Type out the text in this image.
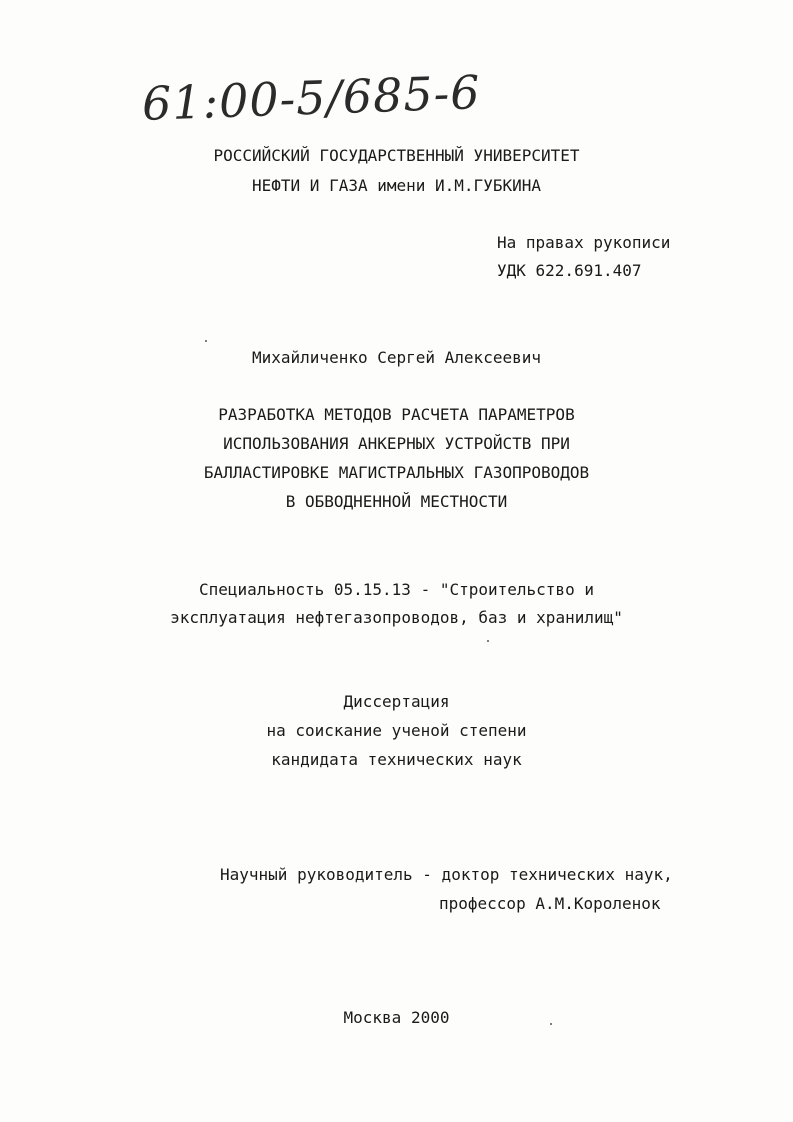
61:00-5/685-6
РОССИЙСКИЙ ГОСУДАРСТВЕННЫЙ УНИВЕРСИТЕТ
НЕФТИ И ГАЗА имени И.М.ГУБКИНА
На правах рукописи
УДК 622.691.407
Михайличенко Сергей Алексеевич
РАЗРАБОТКА МЕТОДОВ РАСЧЕТА ПАРАМЕТРОВ
ИСПОЛЬЗОВАНИЯ АНКЕРНЫХ УСТРОЙСТВ ПРИ
БАЛЛАСТИРОВКЕ МАГИСТРАЛЬНЫХ ГАЗОПРОВОДОВ
В ОБВОДНЕННОЙ МЕСТНОСТИ
Специальность 05.15.13 - "Строительство и
эксплуатация нефтегазопроводов, баз и хранилищ"
Диссертация
на соискание ученой степени
кандидата технических наук
Научный руководитель - доктор технических наук,
профессор А.М.Короленок
Москва 2000
